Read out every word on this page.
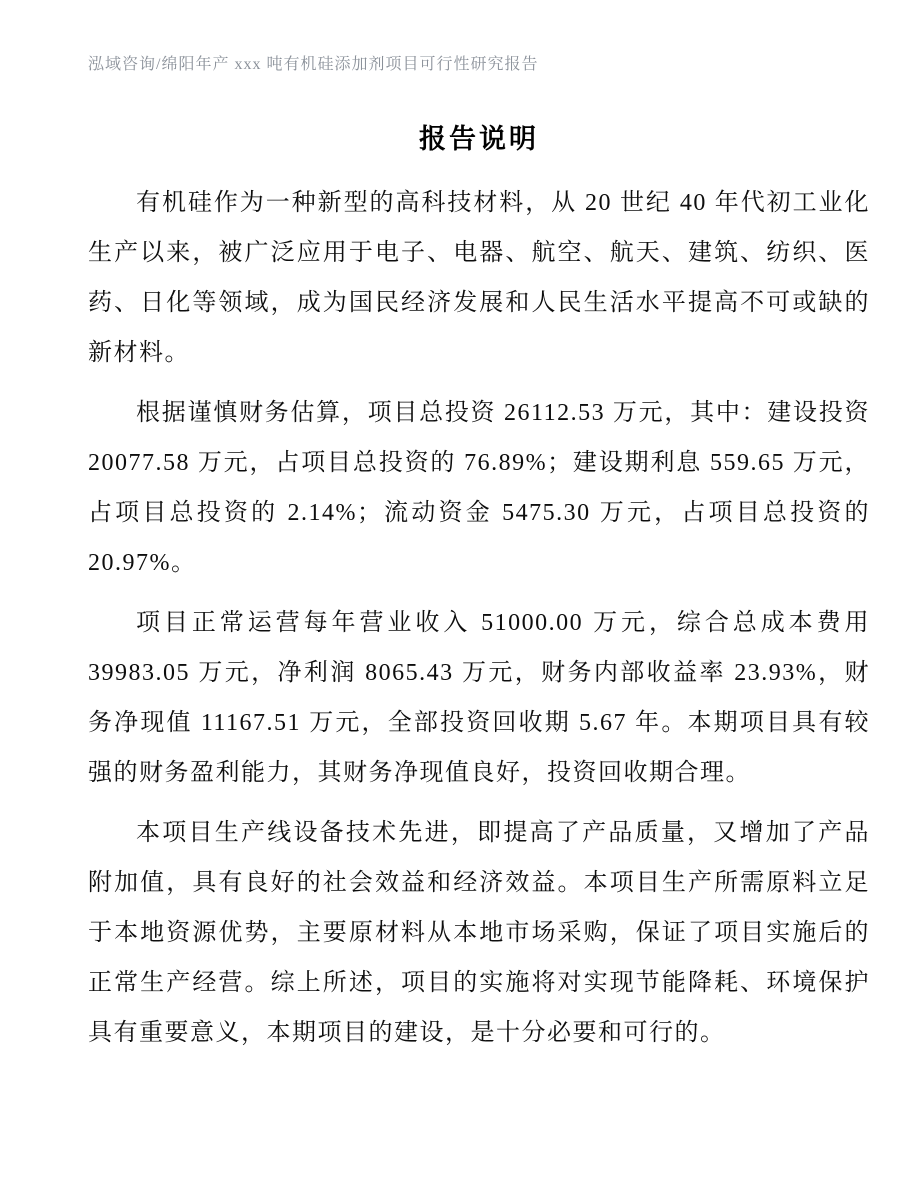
泓域咨询/绵阳年产 xxx 吨有机硅添加剂项目可行性研究报告
报告说明

有机硅作为一种新型的高科技材料，从 20 世纪 40 年代初工业化生产以来，被广泛应用于电子、电器、航空、航天、建筑、纺织、医药、日化等领域，成为国民经济发展和人民生活水平提高不可或缺的新材料。

根据谨慎财务估算，项目总投资 26112.53 万元，其中：建设投资 20077.58 万元，占项目总投资的 76.89%；建设期利息 559.65 万元，占项目总投资的 2.14%；流动资金 5475.30 万元，占项目总投资的 20.97%。

项目正常运营每年营业收入 51000.00 万元，综合总成本费用 39983.05 万元，净利润 8065.43 万元，财务内部收益率 23.93%，财务净现值 11167.51 万元，全部投资回收期 5.67 年。本期项目具有较强的财务盈利能力，其财务净现值良好，投资回收期合理。

本项目生产线设备技术先进，即提高了产品质量，又增加了产品附加值，具有良好的社会效益和经济效益。本项目生产所需原料立足于本地资源优势，主要原材料从本地市场采购，保证了项目实施后的正常生产经营。综上所述，项目的实施将对实现节能降耗、环境保护具有重要意义，本期项目的建设，是十分必要和可行的。
